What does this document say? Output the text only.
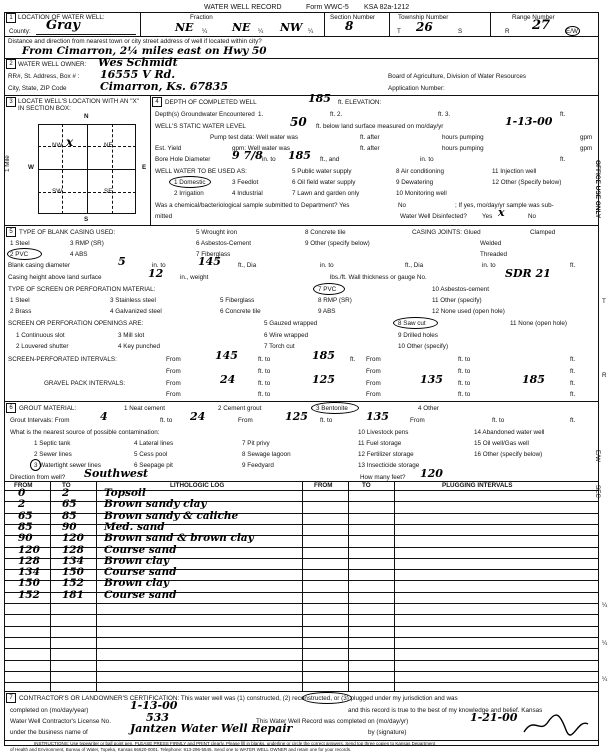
WATER WELL RECORD	Form WWC-5 KSA 82a-1212
1 LOCATION OF WATER WELL:
County: Gray
Fraction
NE ¼ NE ¼ NW ¼
Section Number
8
Township Number
T 26	S
Range Number
R 27	E/W
Distance and direction from nearest town or city street address of well if located within city?
From Cimarron, 2¼ miles east on Hwy 50
2 WATER WELL OWNER: Wes Schmidt
RR#, St. Address, Box # : 16555 V Rd.	Board of Agriculture, Division of Water Resources
City, State, ZIP Code	Cimarron, Ks. 67835	Application Number:
3 LOCATE WELL'S LOCATION WITH AN "X" IN SECTION BOX:
N
S
E
W
NW	NE
SW	SE
x
1 Mile
4	DEPTH OF COMPLETED WELL	185 ft. ELEVATION:
Depth(s) Groundwater Encountered 1.	ft. 2.	ft. 3.	ft.
WELL'S STATIC WATER LEVEL	50 ft. below land surface measured on mo/day/yr	1-13-00
Pump test data: Well water was	ft. after	hours pumping	gpm
Est. Yield	gpm: Well water was	ft. after	hours pumping	gpm
Bore Hole Diameter 9 7/8 in. to 185 ft., and	in. to	ft.
WELL WATER TO BE USED AS:
1 Domestic	3 Feedlot
5 Public water supply	8 Air conditioning	11 Injection well
2 Irrigation	4 Industrial
6 Oil field water supply	9 Dewatering	12 Other (Specify below)
7 Lawn and garden only	10 Monitoring well
Was a chemical/bacteriological sample submitted to Department? Yes	No	; If yes, mo/day/yr sample was sub-
mitted	Water Well Disinfected? Yes x	No
5	TYPE OF BLANK CASING USED:
1 Steel	3 RMP (SR)
5 Wrought iron
6 Asbestos-Cement
8 Concrete tile
2 PVC	4 ABS	7 Fiberglass
9 Other (specify below)
CASING JOINTS: Glued	Clamped
Welded
Threaded
Blank casing diameter	5	in. to	145	ft., Dia	in. to	ft., Dia	in. to	ft.
Casing height above land surface	12	in., weight	lbs./ft. Wall thickness or gauge No.	SDR 21
TYPE OF SCREEN OR PERFORATION MATERIAL:
1 Steel	3 Stainless steel	5 Fiberglass
7 PVC	10 Asbestos-cement
2 Brass	4 Galvanized steel	6 Concrete tile
8 RMP (SR)	11 Other (specify)
9 ABS	12 None used (open hole)
SCREEN OR PERFORATION OPENINGS ARE:	5 Gauzed wrapped	8 Saw cut	11 None (open hole)
1 Continuous slot	3 Mill slot	6 Wire wrapped	9 Drilled holes
2 Louvered shutter	4 Key punched	7 Torch cut	10 Other (specify)
SCREEN-PERFORATED INTERVALS:	From	145	ft. to	185 ft. From	ft. to	ft.
From	ft. to	From	ft. to	ft.
GRAVEL PACK INTERVALS:	From	24	ft. to	125	From	135 ft. to	185	ft.
From	ft. to	From	ft. to	ft.
6	GROUT MATERIAL:	1 Neat cement	2 Cement grout	3 Bentonite	4 Other
Grout Intervals: From	4	ft. to 24	From	125 ft. to	135	From	ft. to	ft.
What is the nearest source of possible contamination:
1 Septic tank	4 Lateral lines	7 Pit privy
10 Livestock pens	14 Abandoned water well
2 Sewer lines	5 Cess pool	8 Sewage lagoon
11 Fuel storage	15 Oil well/Gas well
3 Watertight sewer lines	6 Seepage pit	9 Feedyard
12 Fertilizer storage	16 Other (specify below)
13 Insecticide storage
Direction from well? Southwest	How many feet? 120
FROM	TO	LITHOLOGIC LOG	FROM	TO	PLUGGING INTERVALS
0	2	Topsoil
2	65	Brown sandy clay
65	85	Brown sandy & caliche
85	90	Med. sand
90	120 Brown sand & brown clay
120 128 Course sand
128 134 Brown clay
134 150 Course sand
150 152 Brown clay
152 181 Course sand
7	CONTRACTOR'S OR LANDOWNER'S CERTIFICATION: This water well was (1) constructed, (2) reconstructed, or (3) plugged under my jurisdiction and was
completed on (mo/day/year)	1-13-00	and this record is true to the best of my knowledge and belief. Kansas
Water Well Contractor's License No.	533	This Water Well Record was completed on (mo/day/yr)	1-21-00
under the business name of	Jantzen Water Well Repair	by (signature)
INSTRUCTIONS: Use typewriter or ball point pen. PLEASE PRESS FIRMLY and PRINT clearly. Please fill in blanks, underline or circle the correct answers. Send top three copies to Kansas Department
of Health and Environment, Bureau of Water, Topeka, Kansas 66620-0001. Telephone: 913-296-5545. Send one to WATER WELL OWNER and retain one for your records.
OFFICE USE ONLY
T
R
E/W
SEC
¼
¼
¼
